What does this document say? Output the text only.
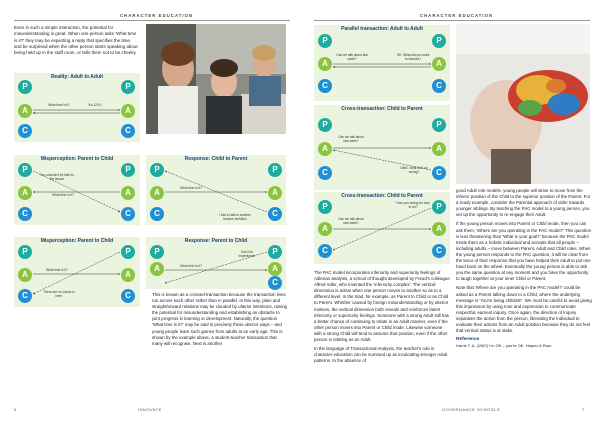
CHARACTER EDUCATION
Even in such a simple interaction, the potential for misunderstanding is great. When one person asks 'What time is it?' they may be expecting a reply that specifies the time, and be surprised when the other person starts speaking about being held up in the staff room, or tells them not to be cheeky.
Reality: Adult to Adult
Misperception: Parent to Child	Response: Child to Parent
Misperception: Parent to Child	Response: Parent to Child
P
A
C
P
A
C
P
A
C
P
A
C
P
A
C
P
A
C
P
A
C
P
A
C
P
A
P
A
C
What time is it?	It's 12:10
You shouldn't be late for the lesson
What time is it?
What time is it?
I had to talk to another teacher sir/Miss!
What time is it?
There are no clocks in here.
Don't be impertinent.
What time is it?
This is known as a crossed-transaction because the transaction lines run across each other rather than in parallel. In this way, plain and straightforward relations may be clouded by ulterior intentions, raising the potential for misunderstanding and establishing an obstacle to joint progress in learning or development. Naturally, the question 'What time is it?' may be said in precisely these ulterior ways – and young people learn such games from adults at an early age. This is shown by the example above, a student-teacher transaction that many will recognise. Next is another
6	INNOVATE
CHARACTER EDUCATION
Parallel transaction: Adult to Adult
Cross-transaction: Child to Parent
Cross-transaction: Child to Parent
P
A
C
P
A
C
P
A
C
P
A
C
P
A
C
P
A
C
Can we talk about last week?
OK. What did you want to discuss?
Can we talk about last week?
OMG, what did I do wrong?
Can we talk about last week?
How you acting for how to do?

The PAC model incorporates inferiority and superiority feelings of Adlerian analysis, a school of thought developed by Freud's colleague Alfred Adler, who invented the 'inferiority complex'. The vertical dimension is active when one person moves to another so as to a different level. In the triad, for example, as Parent to Child or as Child to Parent. Whether caused by foreign misunderstanding or by ulterior motives, the vertical dimension both reveals and reinforces latent inferiority or superiority feelings. Someone with a strong Adult still has a better chance of continuing to relate in an Adult manner, even if the other person moves into Parent or Child mode. Likewise someone with a strong Child will tend to assume that position, even if the other person is relating as an Adult.

In the language of Transactional Analysis, the teacher's role in character education can be summed up as inculcating stronger Adult patterns. In the absence of

good Adult role models, young people will strive to move from the inferior position of the Child to the superior position of the Parent. For a ready example, consider the Parental approach of older towards younger siblings. By teaching the PAC model to a young person, you set up the opportunity to re-engage their Adult.

If the young person moves into Parent or Child mode, then you can ask them, 'Where are you operating in the PAC model?' This question is less threatening than 'What is your goal?' because the PAC model treats them as a holistic individual and accepts that all people – including adults – move between Parent, Adult and Child roles. When the young person responds to the PAC question, it will be clear from the tenor of their response that you have helped their Adult to put one hand back on the wheel. Eventually the young person is able to ask you the same question at any moment and you have the opportunity to laugh together at your inner Child or Parent.

Note that 'Where are you operating in the PAC model?' could be asked as a Parent talking down to a Child, where the underlying message is 'You're being childish!'. We must be careful to avoid giving this impression by using tone and expression to communicate respectful, earnest inquiry. Once again, the direction of inquiry separates the action from the person, liberating the individual to evaluate their actions from an Adult position because they do not feel that vertical status is at stake.

Reference
Harris T. A. (1967) I'm OK – you're OK. Harper & Row.
GOVERNANCE SCHOOLS	7
